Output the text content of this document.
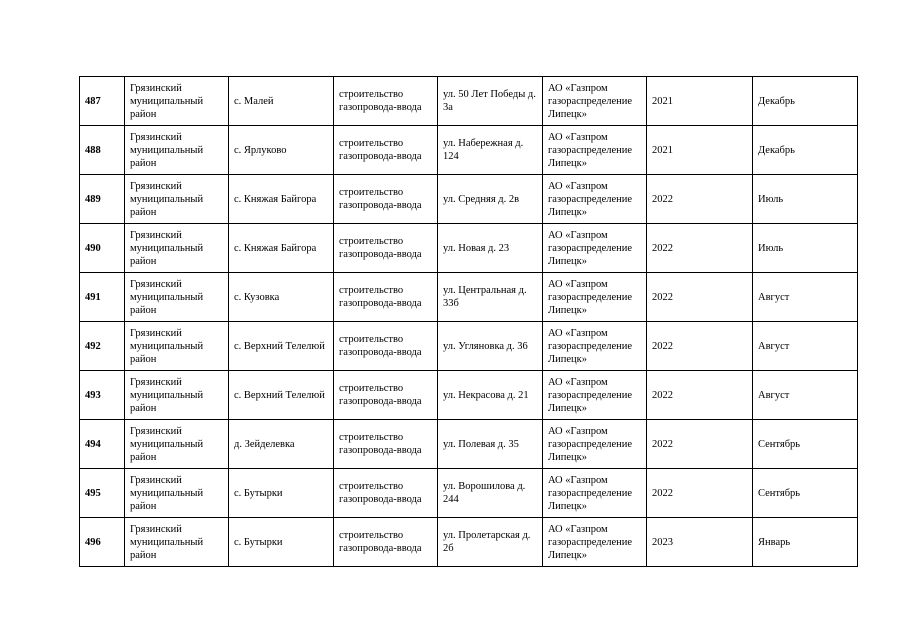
487	Грязинский муниципальный район	с. Малей	строительство газопровода-ввода	ул. 50 Лет Победы д. 3а	АО «Газпром газораспределение Липецк»	2021	Декабрь
488	Грязинский муниципальный район	с. Ярлуково	строительство газопровода-ввода	ул. Набережная д. 124	АО «Газпром газораспределение Липецк»	2021	Декабрь
489	Грязинский муниципальный район	с. Княжая Байгора	строительство газопровода-ввода	ул. Средняя д. 2в	АО «Газпром газораспределение Липецк»	2022	Июль
490	Грязинский муниципальный район	с. Княжая Байгора	строительство газопровода-ввода	ул. Новая д. 23	АО «Газпром газораспределение Липецк»	2022	Июль
491	Грязинский муниципальный район	с. Кузовка	строительство газопровода-ввода	ул. Центральная д. 33б	АО «Газпром газораспределение Липецк»	2022	Август
492	Грязинский муниципальный район	с. Верхний Телелюй	строительство газопровода-ввода	ул. Угляновка д. 36	АО «Газпром газораспределение Липецк»	2022	Август
493	Грязинский муниципальный район	с. Верхний Телелюй	строительство газопровода-ввода	ул. Некрасова д. 21	АО «Газпром газораспределение Липецк»	2022	Август
494	Грязинский муниципальный район	д. Зейделевка	строительство газопровода-ввода	ул. Полевая д. 35	АО «Газпром газораспределение Липецк»	2022	Сентябрь
495	Грязинский муниципальный район	с. Бутырки	строительство газопровода-ввода	ул. Ворошилова д. 244	АО «Газпром газораспределение Липецк»	2022	Сентябрь
496	Грязинский муниципальный район	с. Бутырки	строительство газопровода-ввода	ул. Пролетарская д. 2б	АО «Газпром газораспределение Липецк»	2023	Январь
